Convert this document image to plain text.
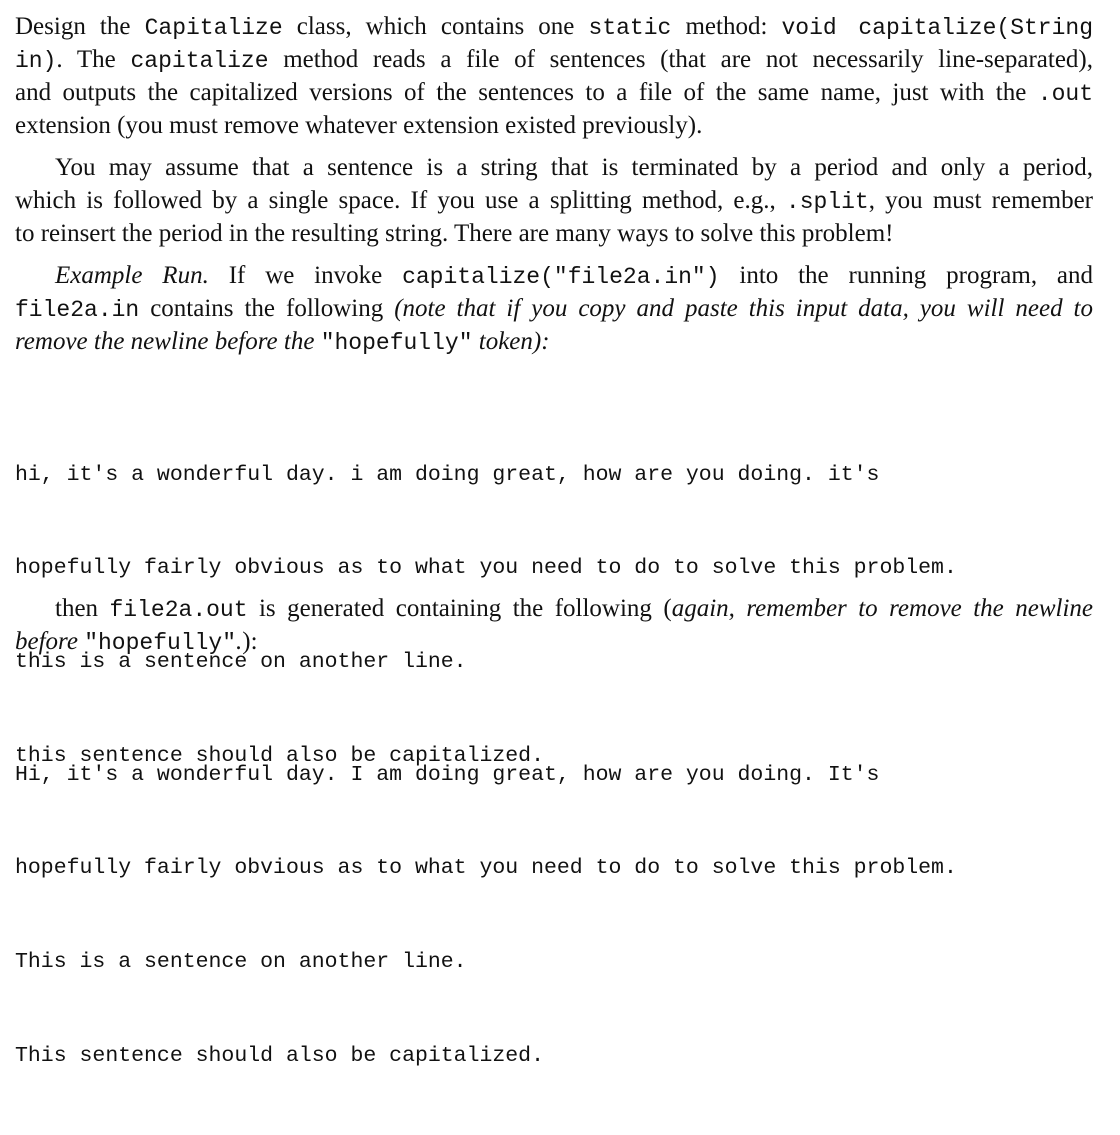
Design the Capitalize class, which contains one static method: void capitalize(String
in). The capitalize method reads a file of sentences (that are not necessarily line-separated),
and outputs the capitalized versions of the sentences to a file of the same name, just with the .out
extension (you must remove whatever extension existed previously).
You may assume that a sentence is a string that is terminated by a period and only a period,
which is followed by a single space. If you use a splitting method, e.g., .split, you must remember
to reinsert the period in the resulting string. There are many ways to solve this problem!
Example Run. If we invoke capitalize("file2a.in") into the running program, and
file2a.in contains the following (note that if you copy and paste this input data, you will need to
remove the newline before the "hopefully" token):

hi, it's a wonderful day. i am doing great, how are you doing. it's

hopefully fairly obvious as to what you need to do to solve this problem.

this is a sentence on another line.

this sentence should also be capitalized.

then file2a.out is generated containing the following (again, remember to remove the newline
before "hopefully".):

Hi, it's a wonderful day. I am doing great, how are you doing. It's

hopefully fairly obvious as to what you need to do to solve this problem.

This is a sentence on another line.

This sentence should also be capitalized.
